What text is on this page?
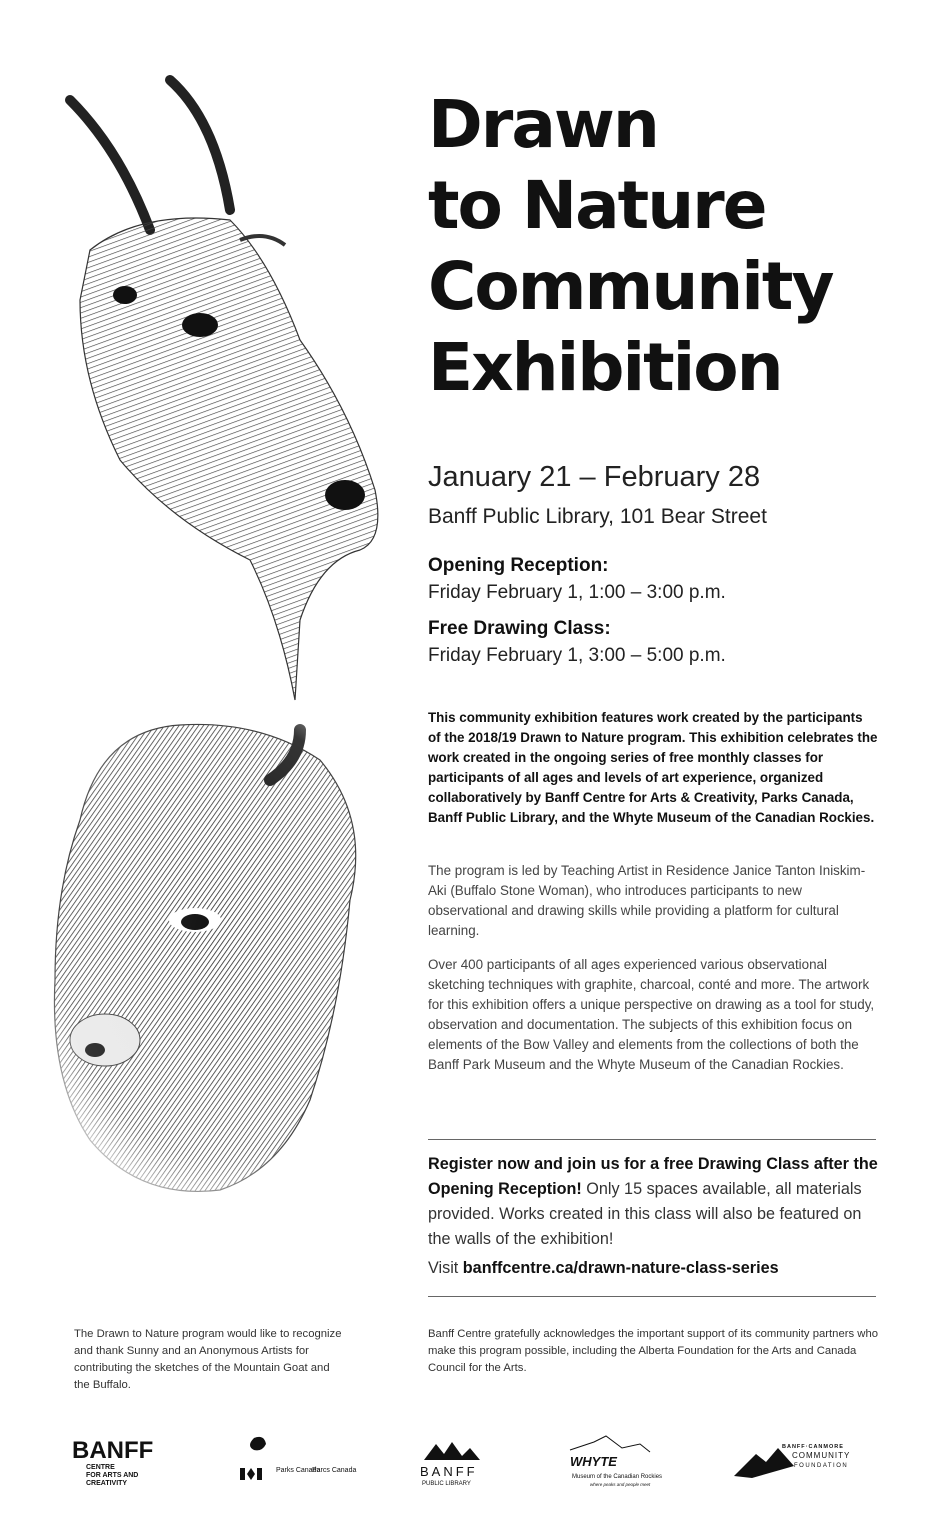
Drawn
to Nature
Community
Exhibition
January 21 – February 28
Banff Public Library, 101 Bear Street
Opening Reception:
Friday February 1, 1:00 – 3:00 p.m.
Free Drawing Class:
Friday February 1, 3:00 – 5:00 p.m.
This community exhibition features work created by the participants of the 2018/19 Drawn to Nature program. This exhibition celebrates the work created in the ongoing series of free monthly classes for participants of all ages and levels of art experience, organized collaboratively by Banff Centre for Arts & Creativity, Parks Canada, Banff Public Library, and the Whyte Museum of the Canadian Rockies.
The program is led by Teaching Artist in Residence Janice Tanton Iniskim-Aki (Buffalo Stone Woman), who introduces participants to new observational and drawing skills while providing a platform for cultural learning.
Over 400 participants of all ages experienced various observational sketching techniques with graphite, charcoal, conté and more. The artwork for this exhibition offers a unique perspective on drawing as a tool for study, observation and documentation. The subjects of this exhibition focus on elements of the Bow Valley and elements from the collections of both the Banff Park Museum and the Whyte Museum of the Canadian Rockies.
Register now and join us for a free Drawing Class after the Opening Reception! Only 15 spaces available, all materials provided. Works created in this class will also be featured on the walls of the exhibition!
Visit banffcentre.ca/drawn-nature-class-series
The Drawn to Nature program would like to recognize and thank Sunny and an Anonymous Artists for contributing the sketches of the Mountain Goat and the Buffalo.
Banff Centre gratefully acknowledges the important support of its community partners who make this program possible, including the Alberta Foundation for the Arts and Canada Council for the Arts.
BANFF
CENTRE
FOR ARTS AND
CREATIVITY
Parks Canada
Parcs Canada	BANFF
PUBLIC LIBRARY
WHYTE
Museum of the Canadian Rockies
where peaks and people meet
BANFF·CANMORE
COMMUNITY
FOUNDATION
